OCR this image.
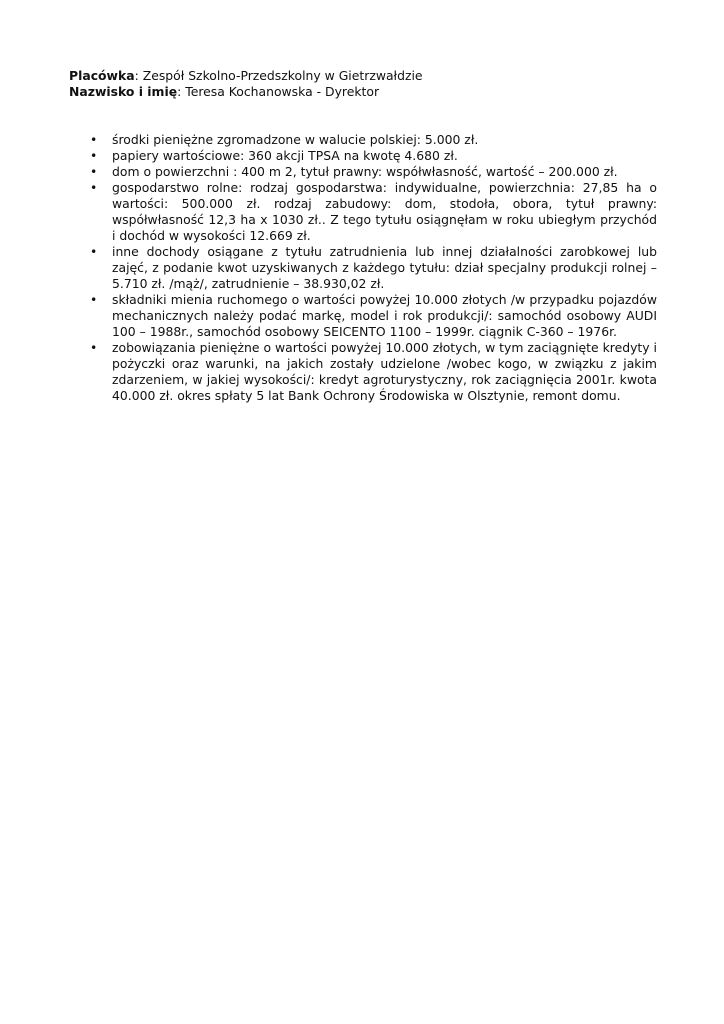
Placówka: Zespół Szkolno-Przedszkolny w Gietrzwałdzie
Nazwisko i imię: Teresa Kochanowska - Dyrektor
•	środki pieniężne zgromadzone w walucie polskiej: 5.000 zł.
•	papiery wartościowe: 360 akcji TPSA na kwotę 4.680 zł.
•	dom o powierzchni : 400 m 2, tytuł prawny: współwłasność, wartość – 200.000 zł.
•	gospodarstwo rolne: rodzaj gospodarstwa: indywidualne, powierzchnia: 27,85 ha o wartości: 500.000 zł. rodzaj zabudowy: dom, stodoła, obora, tytuł prawny: współwłasność 12,3 ha x 1030 zł.. Z tego tytułu osiągnęłam w roku ubiegłym przychód i dochód w wysokości 12.669 zł.
•	inne dochody osiągane z tytułu zatrudnienia lub innej działalności zarobkowej lub zajęć, z podanie kwot uzyskiwanych z każdego tytułu: dział specjalny produkcji rolnej – 5.710 zł. /mąż/, zatrudnienie – 38.930,02 zł.
•	składniki mienia ruchomego o wartości powyżej 10.000 złotych /w przypadku pojazdów mechanicznych należy podać markę, model i rok produkcji/: samochód osobowy AUDI 100 – 1988r., samochód osobowy SEICENTO 1100 – 1999r. ciągnik C-360 – 1976r.
•	zobowiązania pieniężne o wartości powyżej 10.000 złotych, w tym zaciągnięte kredyty i pożyczki oraz warunki, na jakich zostały udzielone /wobec kogo, w związku z jakim zdarzeniem, w jakiej wysokości/: kredyt agroturystyczny, rok zaciągnięcia 2001r. kwota 40.000 zł. okres spłaty 5 lat Bank Ochrony Środowiska w Olsztynie, remont domu.
